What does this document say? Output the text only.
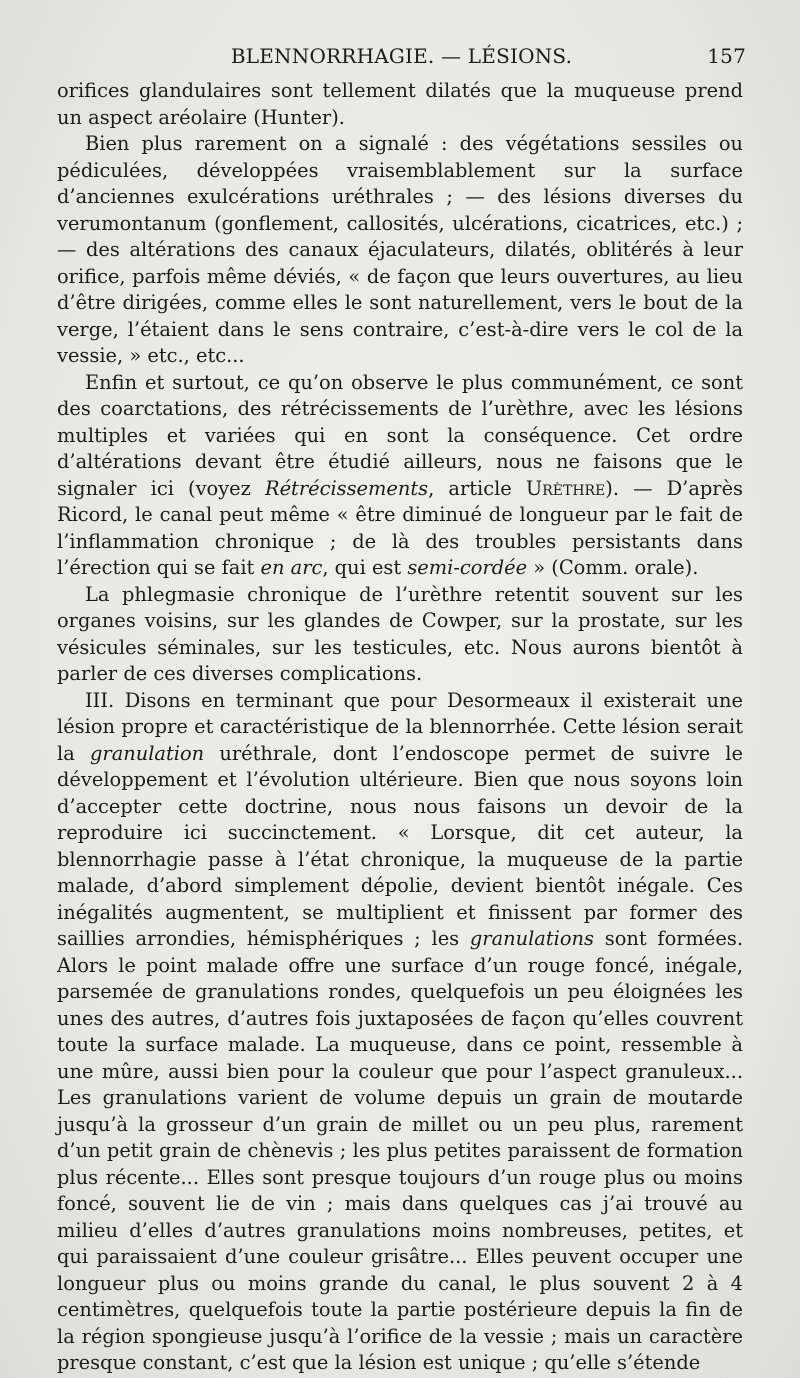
BLENNORRHAGIE. — LÉSIONS.	157

orifices glandulaires sont tellement dilatés que la muqueuse prend un aspect aréolaire (Hunter).

Bien plus rarement on a signalé : des végétations sessiles ou pédiculées, développées vraisemblablement sur la surface d’anciennes exulcérations uréthrales ; — des lésions diverses du verumontanum (gonflement, callosités, ulcérations, cicatrices, etc.) ; — des altérations des canaux éjaculateurs, dilatés, oblitérés à leur orifice, parfois même déviés, « de façon que leurs ouvertures, au lieu d’être dirigées, comme elles le sont naturellement, vers le bout de la verge, l’étaient dans le sens contraire, c’est-à-dire vers le col de la vessie, » etc., etc...

Enfin et surtout, ce qu’on observe le plus communément, ce sont des coarctations, des rétrécissements de l’urèthre, avec les lésions multiples et variées qui en sont la conséquence. Cet ordre d’altérations devant être étudié ailleurs, nous ne faisons que le signaler ici (voyez Rétrécissements, article Urèthre). — D’après Ricord, le canal peut même « être diminué de longueur par le fait de l’inflammation chronique ; de là des troubles persistants dans l’érection qui se fait en arc, qui est semi-cordée » (Comm. orale).

La phlegmasie chronique de l’urèthre retentit souvent sur les organes voisins, sur les glandes de Cowper, sur la prostate, sur les vésicules séminales, sur les testicules, etc. Nous aurons bientôt à parler de ces diverses complications.

III. Disons en terminant que pour Desormeaux il existerait une lésion propre et caractéristique de la blennorrhée. Cette lésion serait la granulation uréthrale, dont l’endoscope permet de suivre le développement et l’évolution ultérieure. Bien que nous soyons loin d’accepter cette doctrine, nous nous faisons un devoir de la reproduire ici succinctement. « Lorsque, dit cet auteur, la blennorrhagie passe à l’état chronique, la muqueuse de la partie malade, d’abord simplement dépolie, devient bientôt inégale. Ces inégalités augmentent, se multiplient et finissent par former des saillies arrondies, hémisphériques ; les granulations sont formées. Alors le point malade offre une surface d’un rouge foncé, inégale, parsemée de granulations rondes, quelquefois un peu éloignées les unes des autres, d’autres fois juxtaposées de façon qu’elles couvrent toute la surface malade. La muqueuse, dans ce point, ressemble à une mûre, aussi bien pour la couleur que pour l’aspect granuleux... Les granulations varient de volume depuis un grain de moutarde jusqu’à la grosseur d’un grain de millet ou un peu plus, rarement d’un petit grain de chènevis ; les plus petites paraissent de formation plus récente... Elles sont presque toujours d’un rouge plus ou moins foncé, souvent lie de vin ; mais dans quelques cas j’ai trouvé au milieu d’elles d’autres granulations moins nombreuses, petites, et qui paraissaient d’une couleur grisâtre... Elles peuvent occuper une longueur plus ou moins grande du canal, le plus souvent 2 à 4 centimètres, quelquefois toute la partie postérieure depuis la fin de la région spongieuse jusqu’à l’orifice de la vessie ; mais un caractère presque constant, c’est que la lésion est unique ; qu’elle s’étende
